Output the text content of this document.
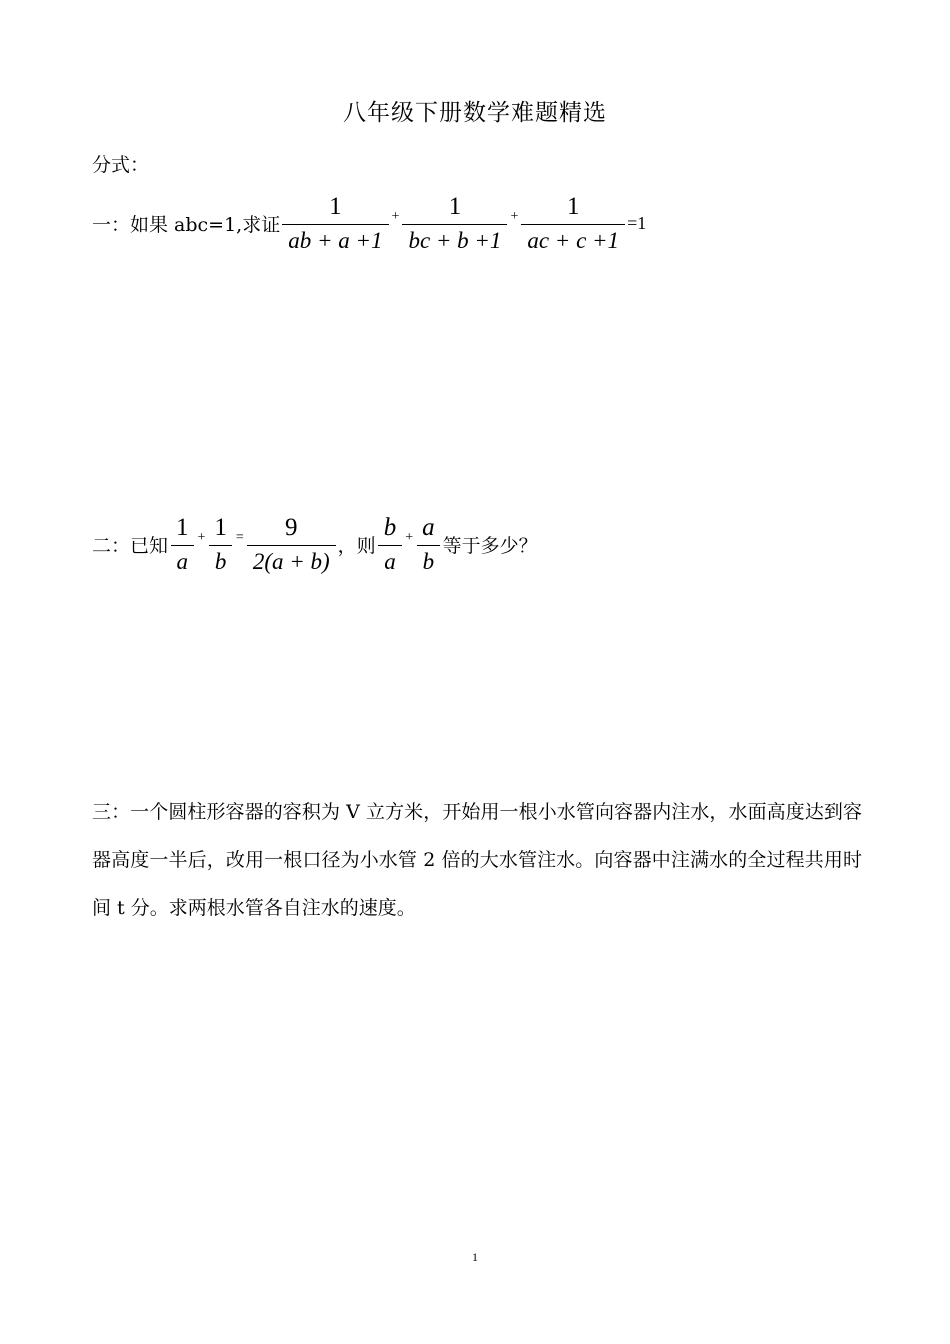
八年级下册数学难题精选
分式：
一：如果 abc=1,求证 $\frac{1}{ab + a +1} + \frac{1}{bc + b +1} + \frac{1}{ac + c +1} =1$
二：已知 $\frac{1}{a} + \frac{1}{b} = \frac{9}{2(a + b)}$ ，则 $\frac{b}{a} + \frac{a}{b}$ 等于多少？
三：一个圆柱形容器的容积为 V 立方米，开始用一根小水管向容器内注水，水面高度达到容器高度一半后，改用一根口径为小水管 2 倍的大水管注水。向容器中注满水的全过程共用时间 t 分。求两根水管各自注水的速度。
1
